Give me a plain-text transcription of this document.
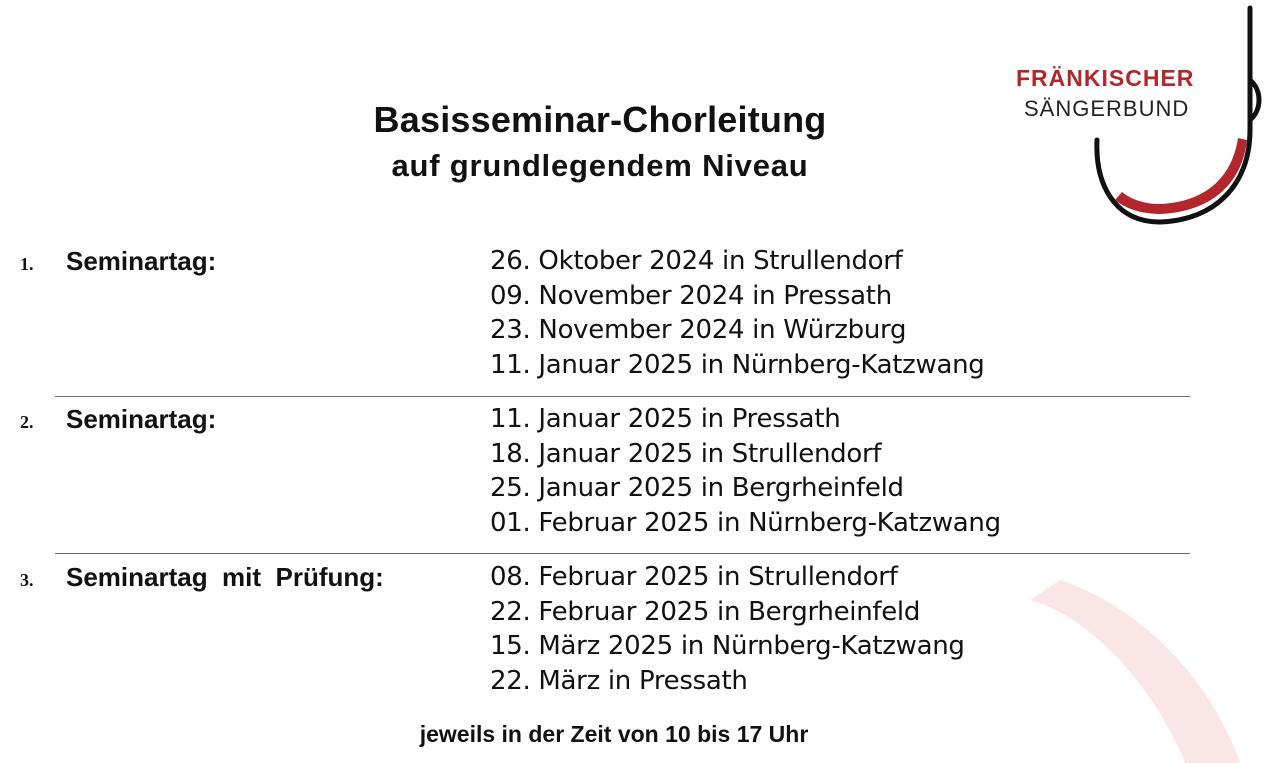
FRÄNKISCHER
SÄNGERBUND
Basisseminar-Chorleitung
auf grundlegendem Niveau
1. Seminartag:	26. Oktober 2024 in Strullendorf
09. November 2024 in Pressath
23. November 2024 in Würzburg
11. Januar 2025 in Nürnberg-Katzwang
2. Seminartag:	11. Januar 2025 in Pressath
18. Januar 2025 in Strullendorf
25. Januar 2025 in Bergrheinfeld
01. Februar 2025 in Nürnberg-Katzwang
3. Seminartag  mit  Prüfung:	08. Februar 2025 in Strullendorf
22. Februar 2025 in Bergrheinfeld
15. März 2025 in Nürnberg-Katzwang
22. März in Pressath
jeweils in der Zeit von 10 bis 17 Uhr
